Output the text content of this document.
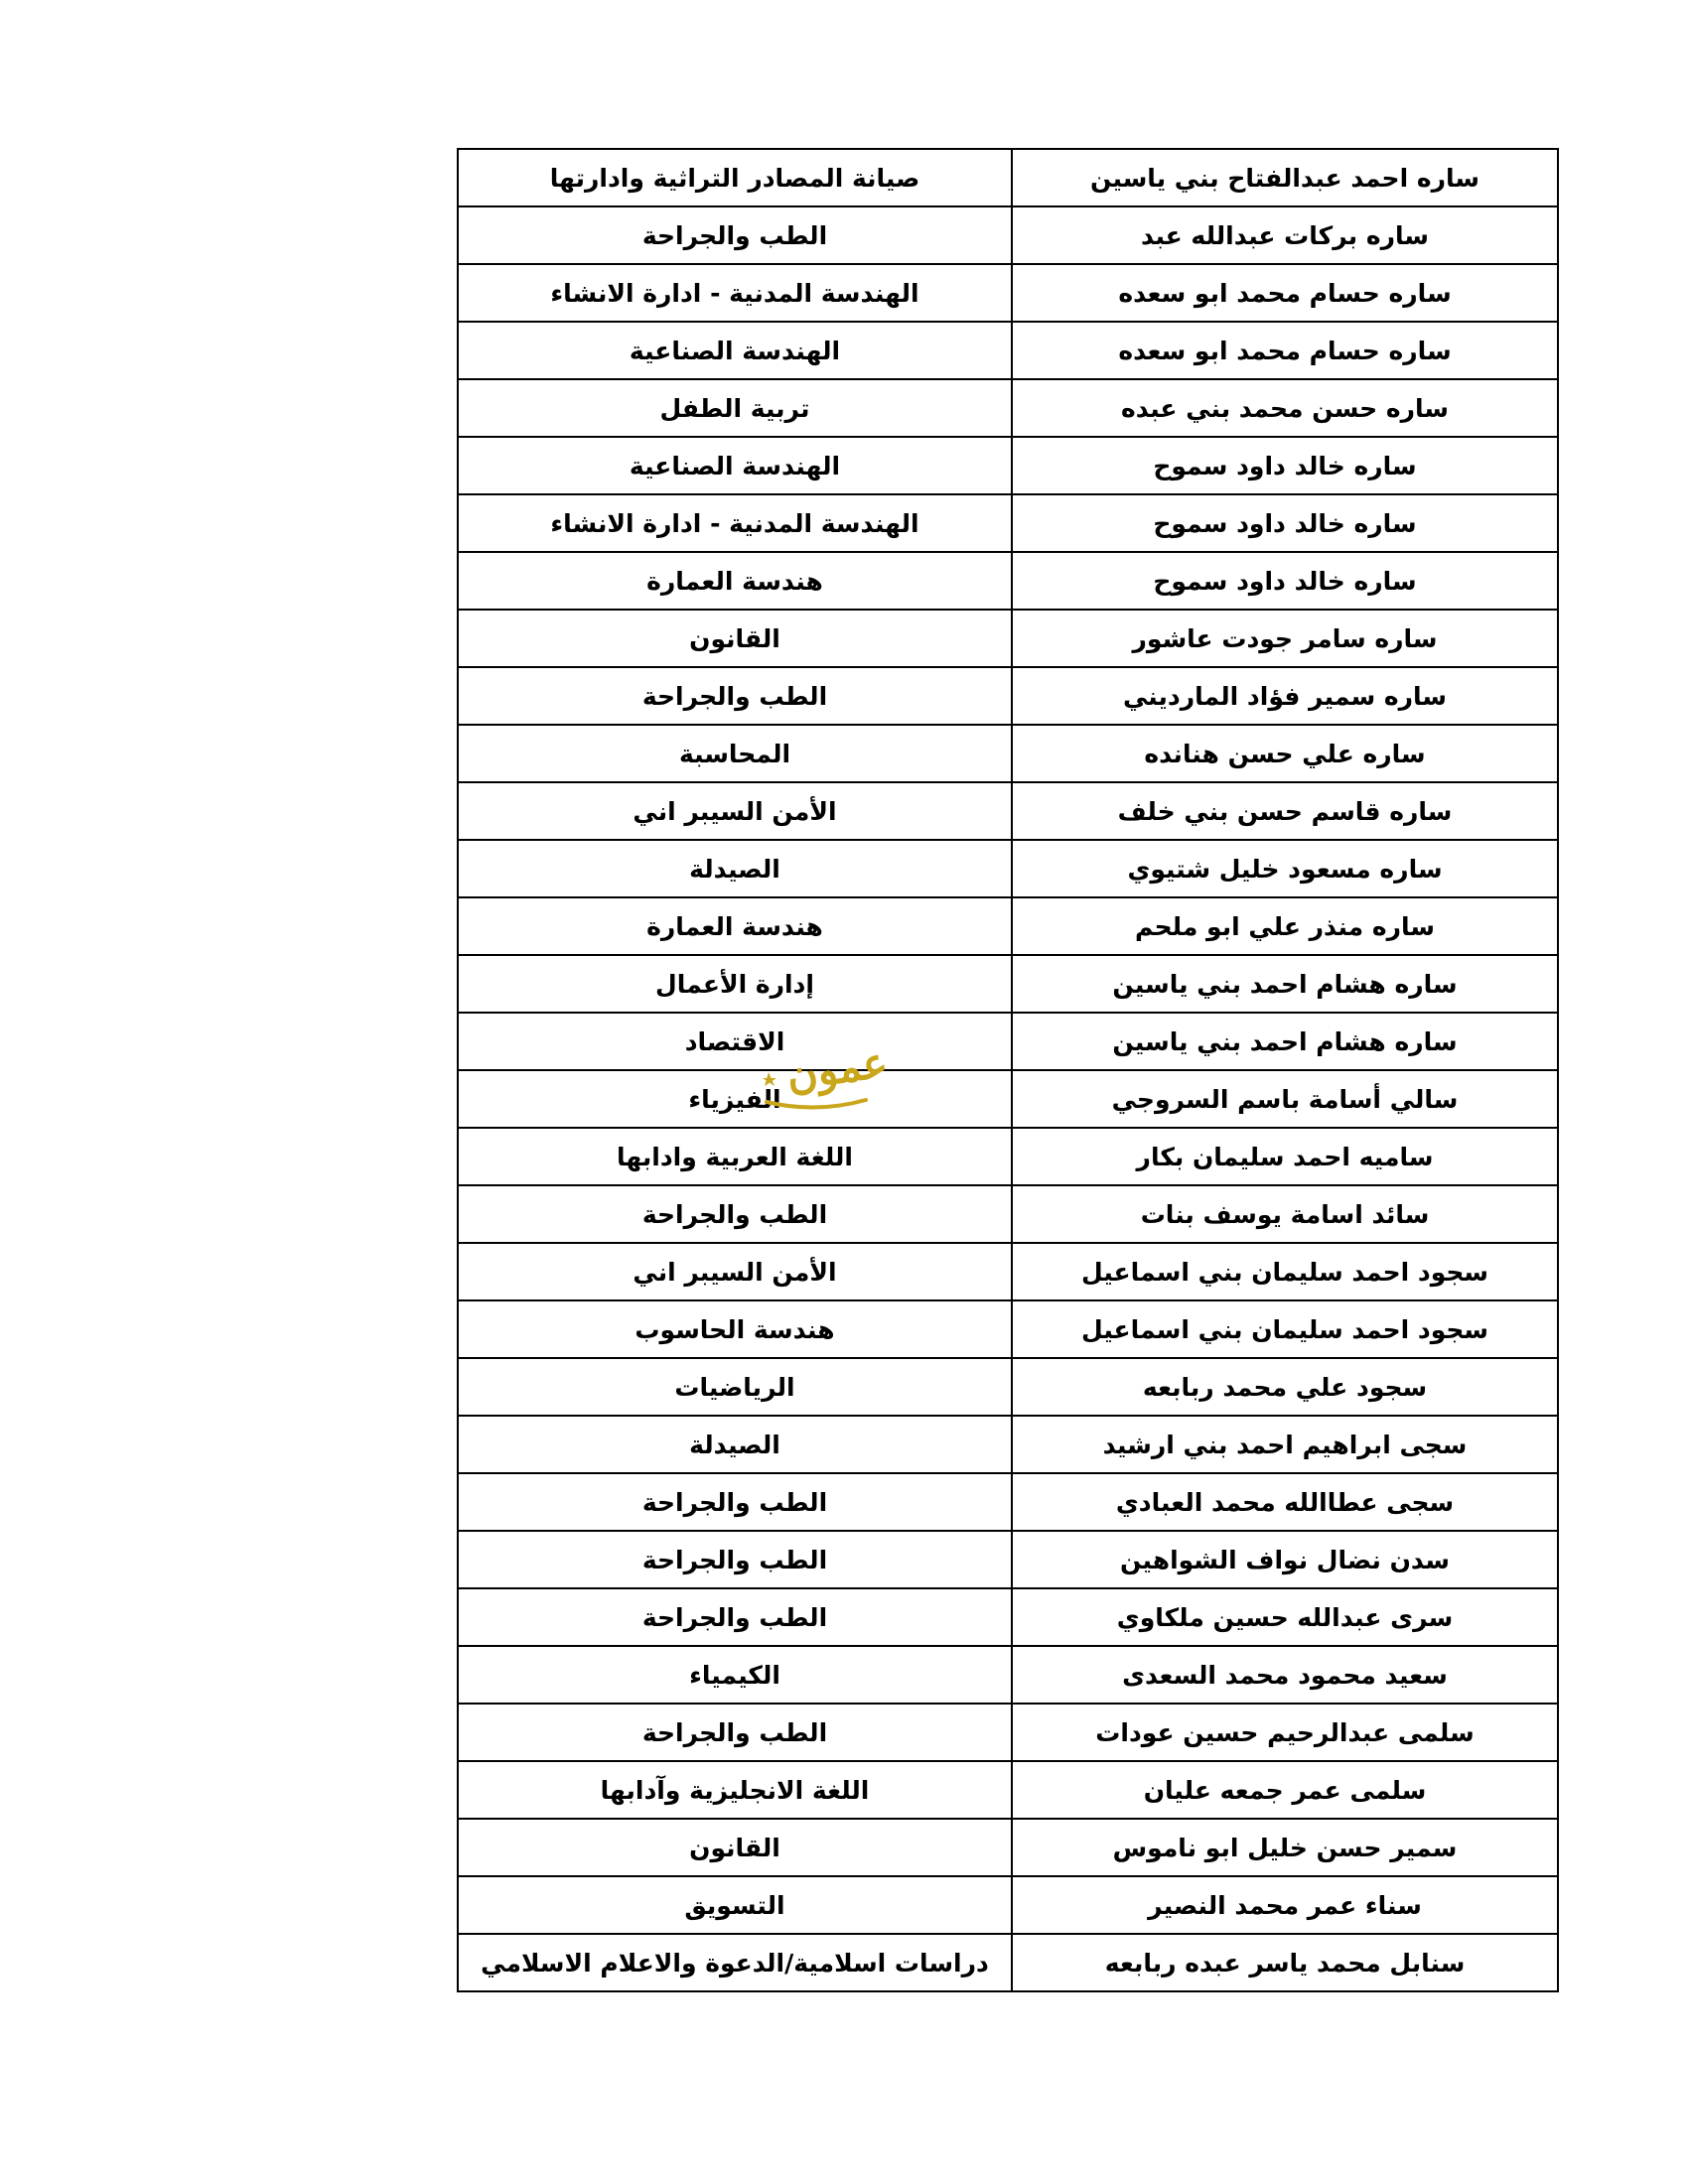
ساره احمد عبدالفتاح بني ياسين	صيانة المصادر التراثية وادارتها
ساره بركات عبدالله عبد	الطب والجراحة
ساره حسام محمد ابو سعده	الهندسة المدنية - ادارة الانشاء
ساره حسام محمد ابو سعده	الهندسة الصناعية
ساره حسن محمد بني عبده	تربية الطفل
ساره خالد داود سموح	الهندسة الصناعية
ساره خالد داود سموح	الهندسة المدنية - ادارة الانشاء
ساره خالد داود سموح	هندسة العمارة
ساره سامر جودت عاشور	القانون
ساره سمير فؤاد المارديني	الطب والجراحة
ساره علي حسن هنانده	المحاسبة
ساره قاسم حسن بني خلف	الأمن السيبر اني
ساره مسعود خليل شتيوي	الصيدلة
ساره منذر علي ابو ملحم	هندسة العمارة
ساره هشام احمد بني ياسين	إدارة الأعمال
ساره هشام احمد بني ياسين	الاقتصاد
سالي أسامة باسم السروجي	الفيزياء
ساميه احمد سليمان بكار	اللغة العربية وادابها
سائد اسامة يوسف بنات	الطب والجراحة
سجود احمد سليمان بني اسماعيل	الأمن السيبر اني
سجود احمد سليمان بني اسماعيل	هندسة الحاسوب
سجود علي محمد ربابعه	الرياضيات
سجى ابراهيم احمد بني ارشيد	الصيدلة
سجى عطاالله محمد العبادي	الطب والجراحة
سدن نضال نواف الشواهين	الطب والجراحة
سرى عبدالله حسين ملكاوي	الطب والجراحة
سعيد محمود محمد السعدى	الكيمياء
سلمى عبدالرحيم حسين عودات	الطب والجراحة
سلمى عمر جمعه عليان	اللغة الانجليزية وآدابها
سمير حسن خليل ابو ناموس	القانون
سناء عمر محمد النصير	التسويق
سنابل محمد ياسر عبده ربابعه	دراسات اسلامية/الدعوة والاعلام الاسلامي
عمون
